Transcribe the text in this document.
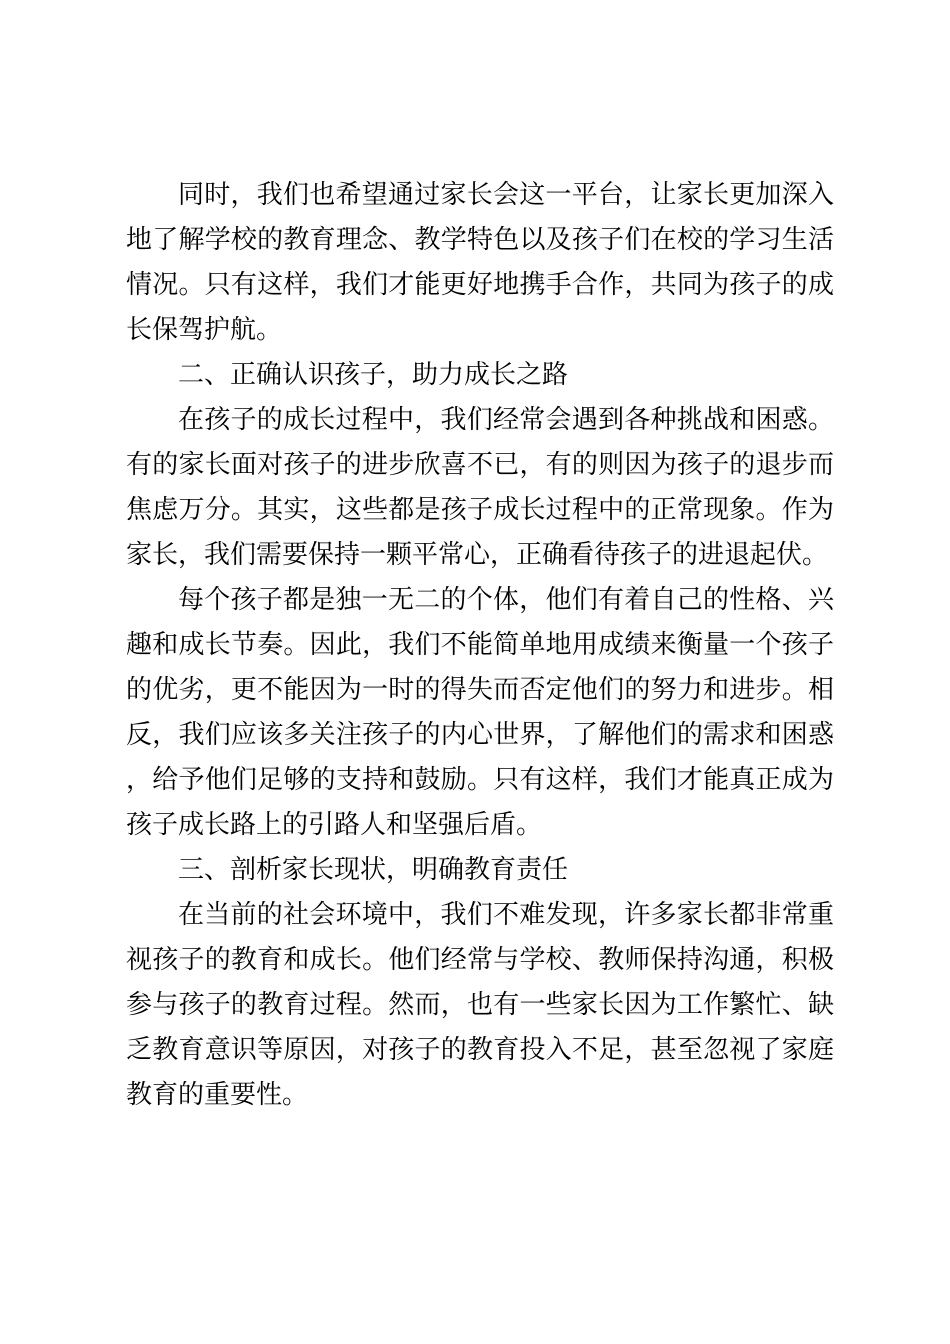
同时，我们也希望通过家长会这一平台，让家长更加深入地了解学校的教育理念、教学特色以及孩子们在校的学习生活情况。只有这样，我们才能更好地携手合作，共同为孩子的成长保驾护航。

二、正确认识孩子，助力成长之路

在孩子的成长过程中，我们经常会遇到各种挑战和困惑。有的家长面对孩子的进步欣喜不已，有的则因为孩子的退步而焦虑万分。其实，这些都是孩子成长过程中的正常现象。作为家长，我们需要保持一颗平常心，正确看待孩子的进退起伏。

每个孩子都是独一无二的个体，他们有着自己的性格、兴趣和成长节奏。因此，我们不能简单地用成绩来衡量一个孩子的优劣，更不能因为一时的得失而否定他们的努力和进步。相反，我们应该多关注孩子的内心世界，了解他们的需求和困惑，给予他们足够的支持和鼓励。只有这样，我们才能真正成为孩子成长路上的引路人和坚强后盾。

三、剖析家长现状，明确教育责任

在当前的社会环境中，我们不难发现，许多家长都非常重视孩子的教育和成长。他们经常与学校、教师保持沟通，积极参与孩子的教育过程。然而，也有一些家长因为工作繁忙、缺乏教育意识等原因，对孩子的教育投入不足，甚至忽视了家庭教育的重要性。
